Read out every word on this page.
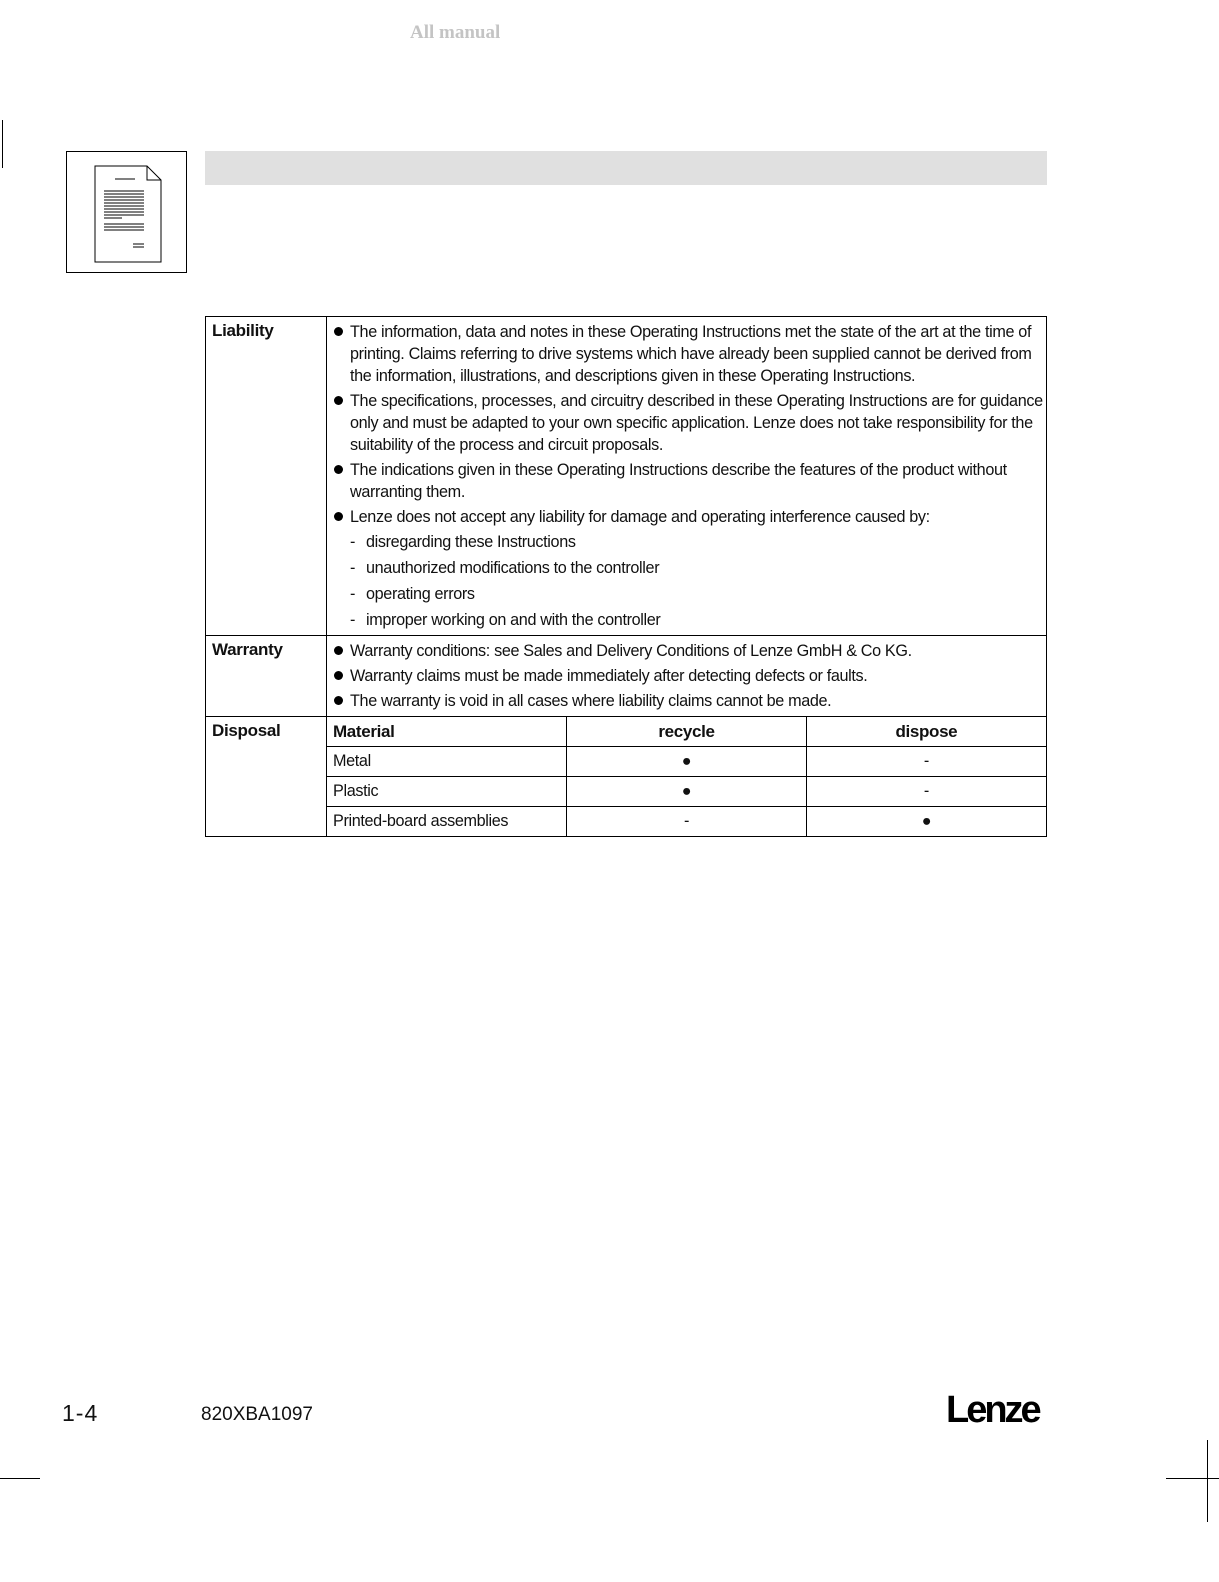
All manual
Liability	The information, data and notes in these Operating Instructions met the state of the art at the time of printing. Claims referring to drive systems which have already been supplied cannot be derived from the information, illustrations, and descriptions given in these Operating Instructions.
The specifications, processes, and circuitry described in these Operating Instructions are for guidance only and must be adapted to your own specific application. Lenze does not take responsibility for the suitability of the process and circuit proposals.
The indications given in these Operating Instructions describe the features of the product without warranting them.
Lenze does not accept any liability for damage and operating interference caused by:
- disregarding these Instructions
- unauthorized modifications to the controller
- operating errors
- improper working on and with the controller

Warranty	Warranty conditions: see Sales and Delivery Conditions of Lenze GmbH & Co KG.
Warranty claims must be made immediately after detecting defects or faults.
The warranty is void in all cases where liability claims cannot be made.

Disposal		Material	recycle	dispose
Metal	●	-
Plastic	●	-
Printed-board assemblies	-	●
1-4	820XBA1097	Lenze
